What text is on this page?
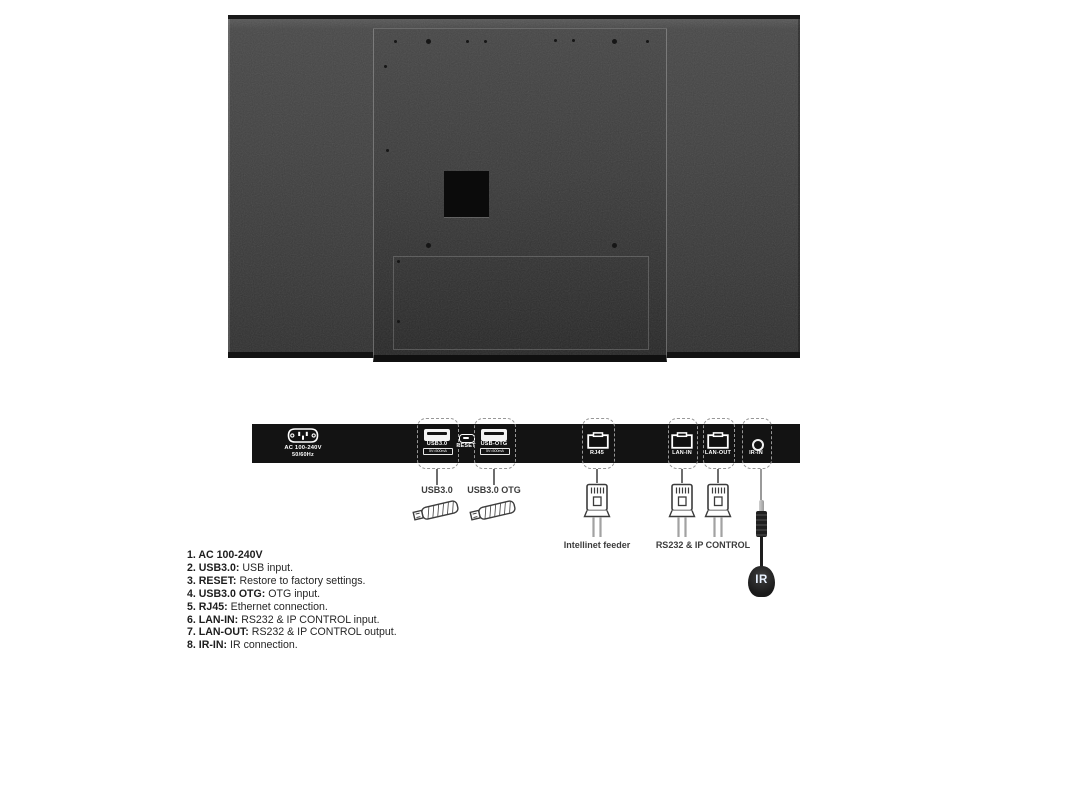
AC 100-240V
50/60Hz
USB3.0
5V=500mA
RESET USB-OTG
5V=500mA	RJ45	LAN-IN	LAN-OUT	IR-IN
USB3.0	USB3.0 OTG
Intellinet feeder	RS232 & IP CONTROL
IR
1. AC 100-240V
2. USB3.0: USB input.
3. RESET: Restore to factory settings.
4. USB3.0 OTG: OTG input.
5. RJ45: Ethernet connection.
6. LAN-IN: RS232 & IP CONTROL input.
7. LAN-OUT: RS232 & IP CONTROL output.
8. IR-IN: IR connection.
